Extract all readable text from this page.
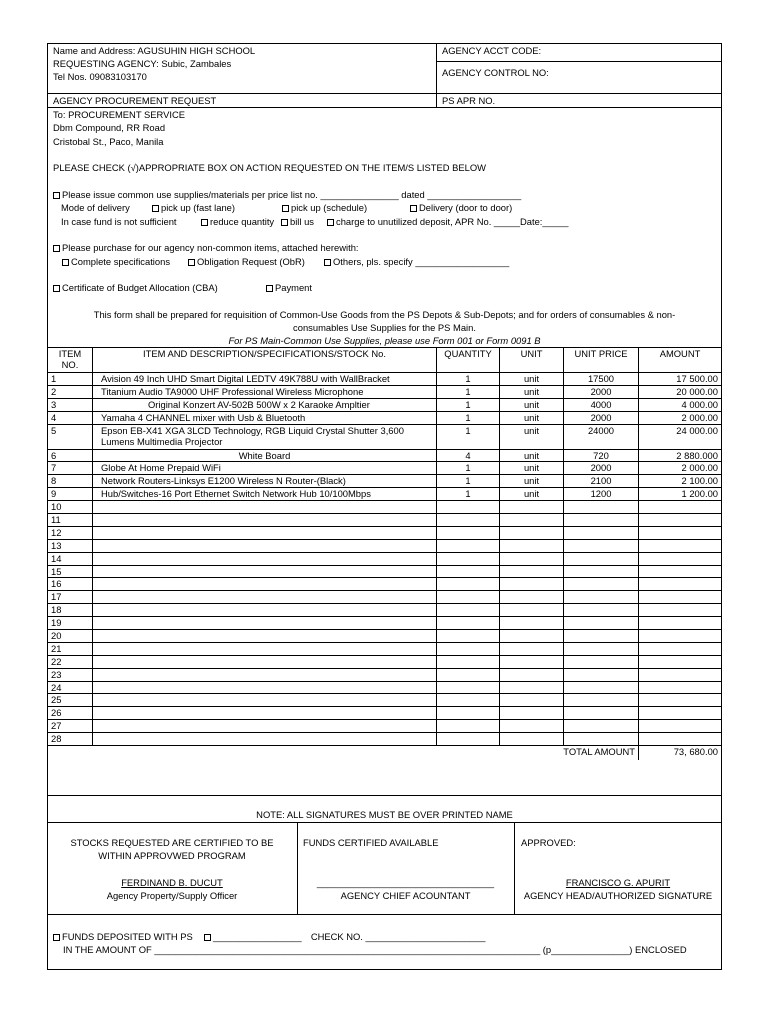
Name and Address: AGUSUHIN HIGH SCHOOL
REQUESTING AGENCY: Subic, Zambales
Tel Nos. 09083103170
AGENCY ACCT CODE:
AGENCY CONTROL NO:
AGENCY PROCUREMENT REQUEST	PS APR NO.
To: PROCUREMENT SERVICE
Dbm Compound, RR Road
Cristobal St., Paco, Manila
PLEASE CHECK (√)APPROPRIATE BOX ON ACTION REQUESTED ON THE ITEM/S LISTED BELOW
Please issue common use supplies/materials per price list no. _______________ dated __________________
Mode of delivery	pick up (fast lane)	pick up (schedule)	Delivery (door to door)
In case fund is not sufficient	reduce quantity	bill us	charge to unutilized deposit, APR No. _____Date:_____
Please purchase for our agency non-common items, attached herewith:
Complete specifications	Obligation Request (ObR)	Others, pls. specify __________________
Certificate of Budget Allocation (CBA)	Payment
This form shall be prepared for requisition of Common-Use Goods from the PS Depots & Sub-Depots; and for orders of consumables & non-
consumables Use Supplies for the PS Main.
For PS Main-Common Use Supplies, please use Form 001 or Form 0091 B
ITEM NO.	ITEM AND DESCRIPTION/SPECIFICATIONS/STOCK No.	QUANTITY	UNIT	UNIT PRICE	AMOUNT
1	Avision 49 Inch UHD Smart Digital LEDTV 49K788U with WallBracket	1	unit	17500	17 500.00
2	Titanium Audio TA9000 UHF Professional Wireless Microphone	1	unit	2000	20 000.00
3	Original Konzert AV-502B 500W x 2 Karaoke Ampltier	1	unit	4000	4 000.00
4	Yamaha 4 CHANNEL mixer with Usb & Bluetooth	1	unit	2000	2 000.00
5	Epson EB-X41 XGA 3LCD Technology, RGB Liquid Crystal Shutter 3,600 Lumens Multimedia Projector	1	unit	24000	24 000.00
6	White Board	4	unit	720	2 880.000
7	Globe At Home Prepaid WiFi	1	unit	2000	2 000.00
8	Network Routers-Linksys E1200 Wireless N Router-(Black)	1	unit	2100	2 100.00
9	Hub/Switches-16 Port Ethernet Switch Network Hub 10/100Mbps	1	unit	1200	1 200.00
10					
11					
12					
13					
14					
15					
16					
17					
18					
19					
20					
21					
22					
23					
24					
25					
26					
27					
28					
TOTAL AMOUNT					73, 680.00
NOTE: ALL SIGNATURES MUST BE OVER PRINTED NAME
STOCKS REQUESTED ARE CERTIFIED TO BE
WITHIN APPROVWED PROGRAM
FERDINAND B. DUCUT
Agency Property/Supply Officer
FUNDS CERTIFIED AVAILABLE
__________________________________
AGENCY CHIEF ACOUNTANT
APPROVED:
FRANCISCO G. APURIT
AGENCY HEAD/AUTHORIZED SIGNATURE
FUNDS DEPOSITED WITH PS _________________ CHECK NO. _______________________
IN THE AMOUNT OF __________________________________________________________________________ (p_______________) ENCLOSED
